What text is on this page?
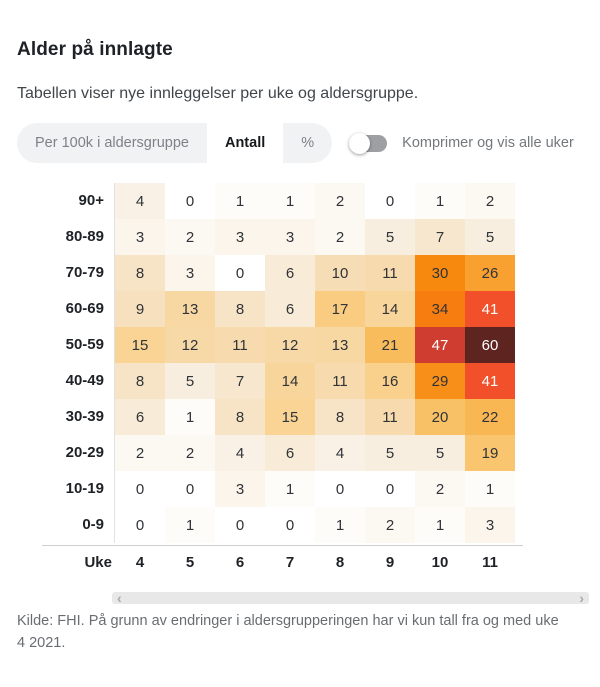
Alder på innlagte

Tabellen viser nye innleggelser per uke og aldersgruppe.

Per 100k i aldersgruppe	Antall	%	Komprimer og vis alle uker
90+	4	0	1	1	2	0	1	2
80-89	3	2	3	3	2	5	7	5
70-79	8	3	0	6	10	11	30	26
60-69	9	13	8	6	17	14	34	41
50-59	15	12	11	12	13	21	47	60
40-49	8	5	7	14	11	16	29	41
30-39	6	1	8	15	8	11	20	22
20-29	2	2	4	6	4	5	5	19
10-19	0	0	3	1	0	0	2	1
0-9	0	1	0	0	1	2	1	3
Uke	4	5	6	7	8	9	10	11
‹	›

Kilde: FHI. På grunn av endringer i aldersgrupperingen har vi kun tall fra og med uke 4 2021.
